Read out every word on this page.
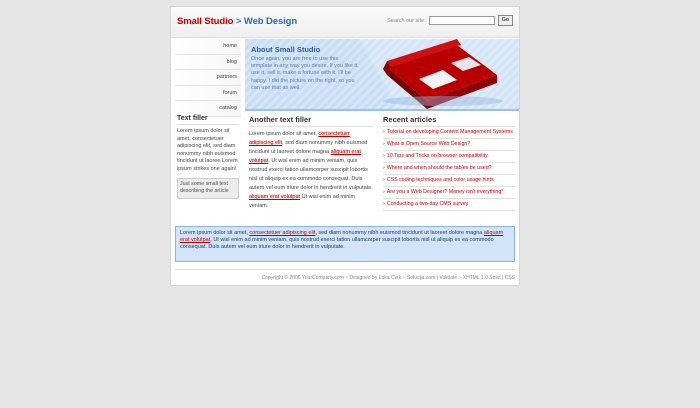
Small Studio > Web Design	Search our site:	Go
home
blog
partners
forum
catalog
About Small Studio
Once again, you are free to use this template in any way you desire. If you like it, use it, sell it, make a fortune with it, I'll be happy. I did the picture on the right, so you can use that as well.
Text filler
Lorem ipsum dolor sit amet, consectetuer adipiscing elit, sed diam nonummy nibh euismod tincidunt ut laoree Lorem ipsum strikes one again!
Just some small text describing the article
Another text filler
Lorem ipsum dolor sit amet, consectetuer adipiscing elit, sed diam nonummy nibh euismod tincidunt ut laoreet dolore magna aliquam erat volutpat. Ut wisi enim ad minim veniam, quis nostrud exerci tation ullamcorper suscipit lobortis nisl ut aliquip ex ea commodo consequat. Duis autem vel eum iriure dolor in hendrerit in vulputate. aliquam erat volutpat Ut wisi enim ad minim veniam.
Recent articles
› Tutorial on developing Content Management Systems
› What is Open Source Web Design?
› 10 Tips and Tricks on browser compatibility
› Where and when should the tables be used?
› CSS coding techniques and color usage hints
› Are you a Web Designer? Money isn't everything!
› Conducting a two-day CMS survey
Lorem ipsum dolor sit amet, consectetuer adipiscing elit, sed diam nonummy nibh euismod tincidunt ut laoreet dolore magna aliquam erat volutpat. Ut wisi enim ad minim veniam, quis nostrud exerci tation ullamcorper suscipit lobortis nisl ut aliquip ex ea commodo consequat. Duis autem vel eum iriure dolor in hendrerit in vulputate.
Copyright © 2006 YourCompany.com ~ Designed by Luka Cvrk ~ Solucija.com | Validate ~ XHTML 1.0 Strict | CSS
